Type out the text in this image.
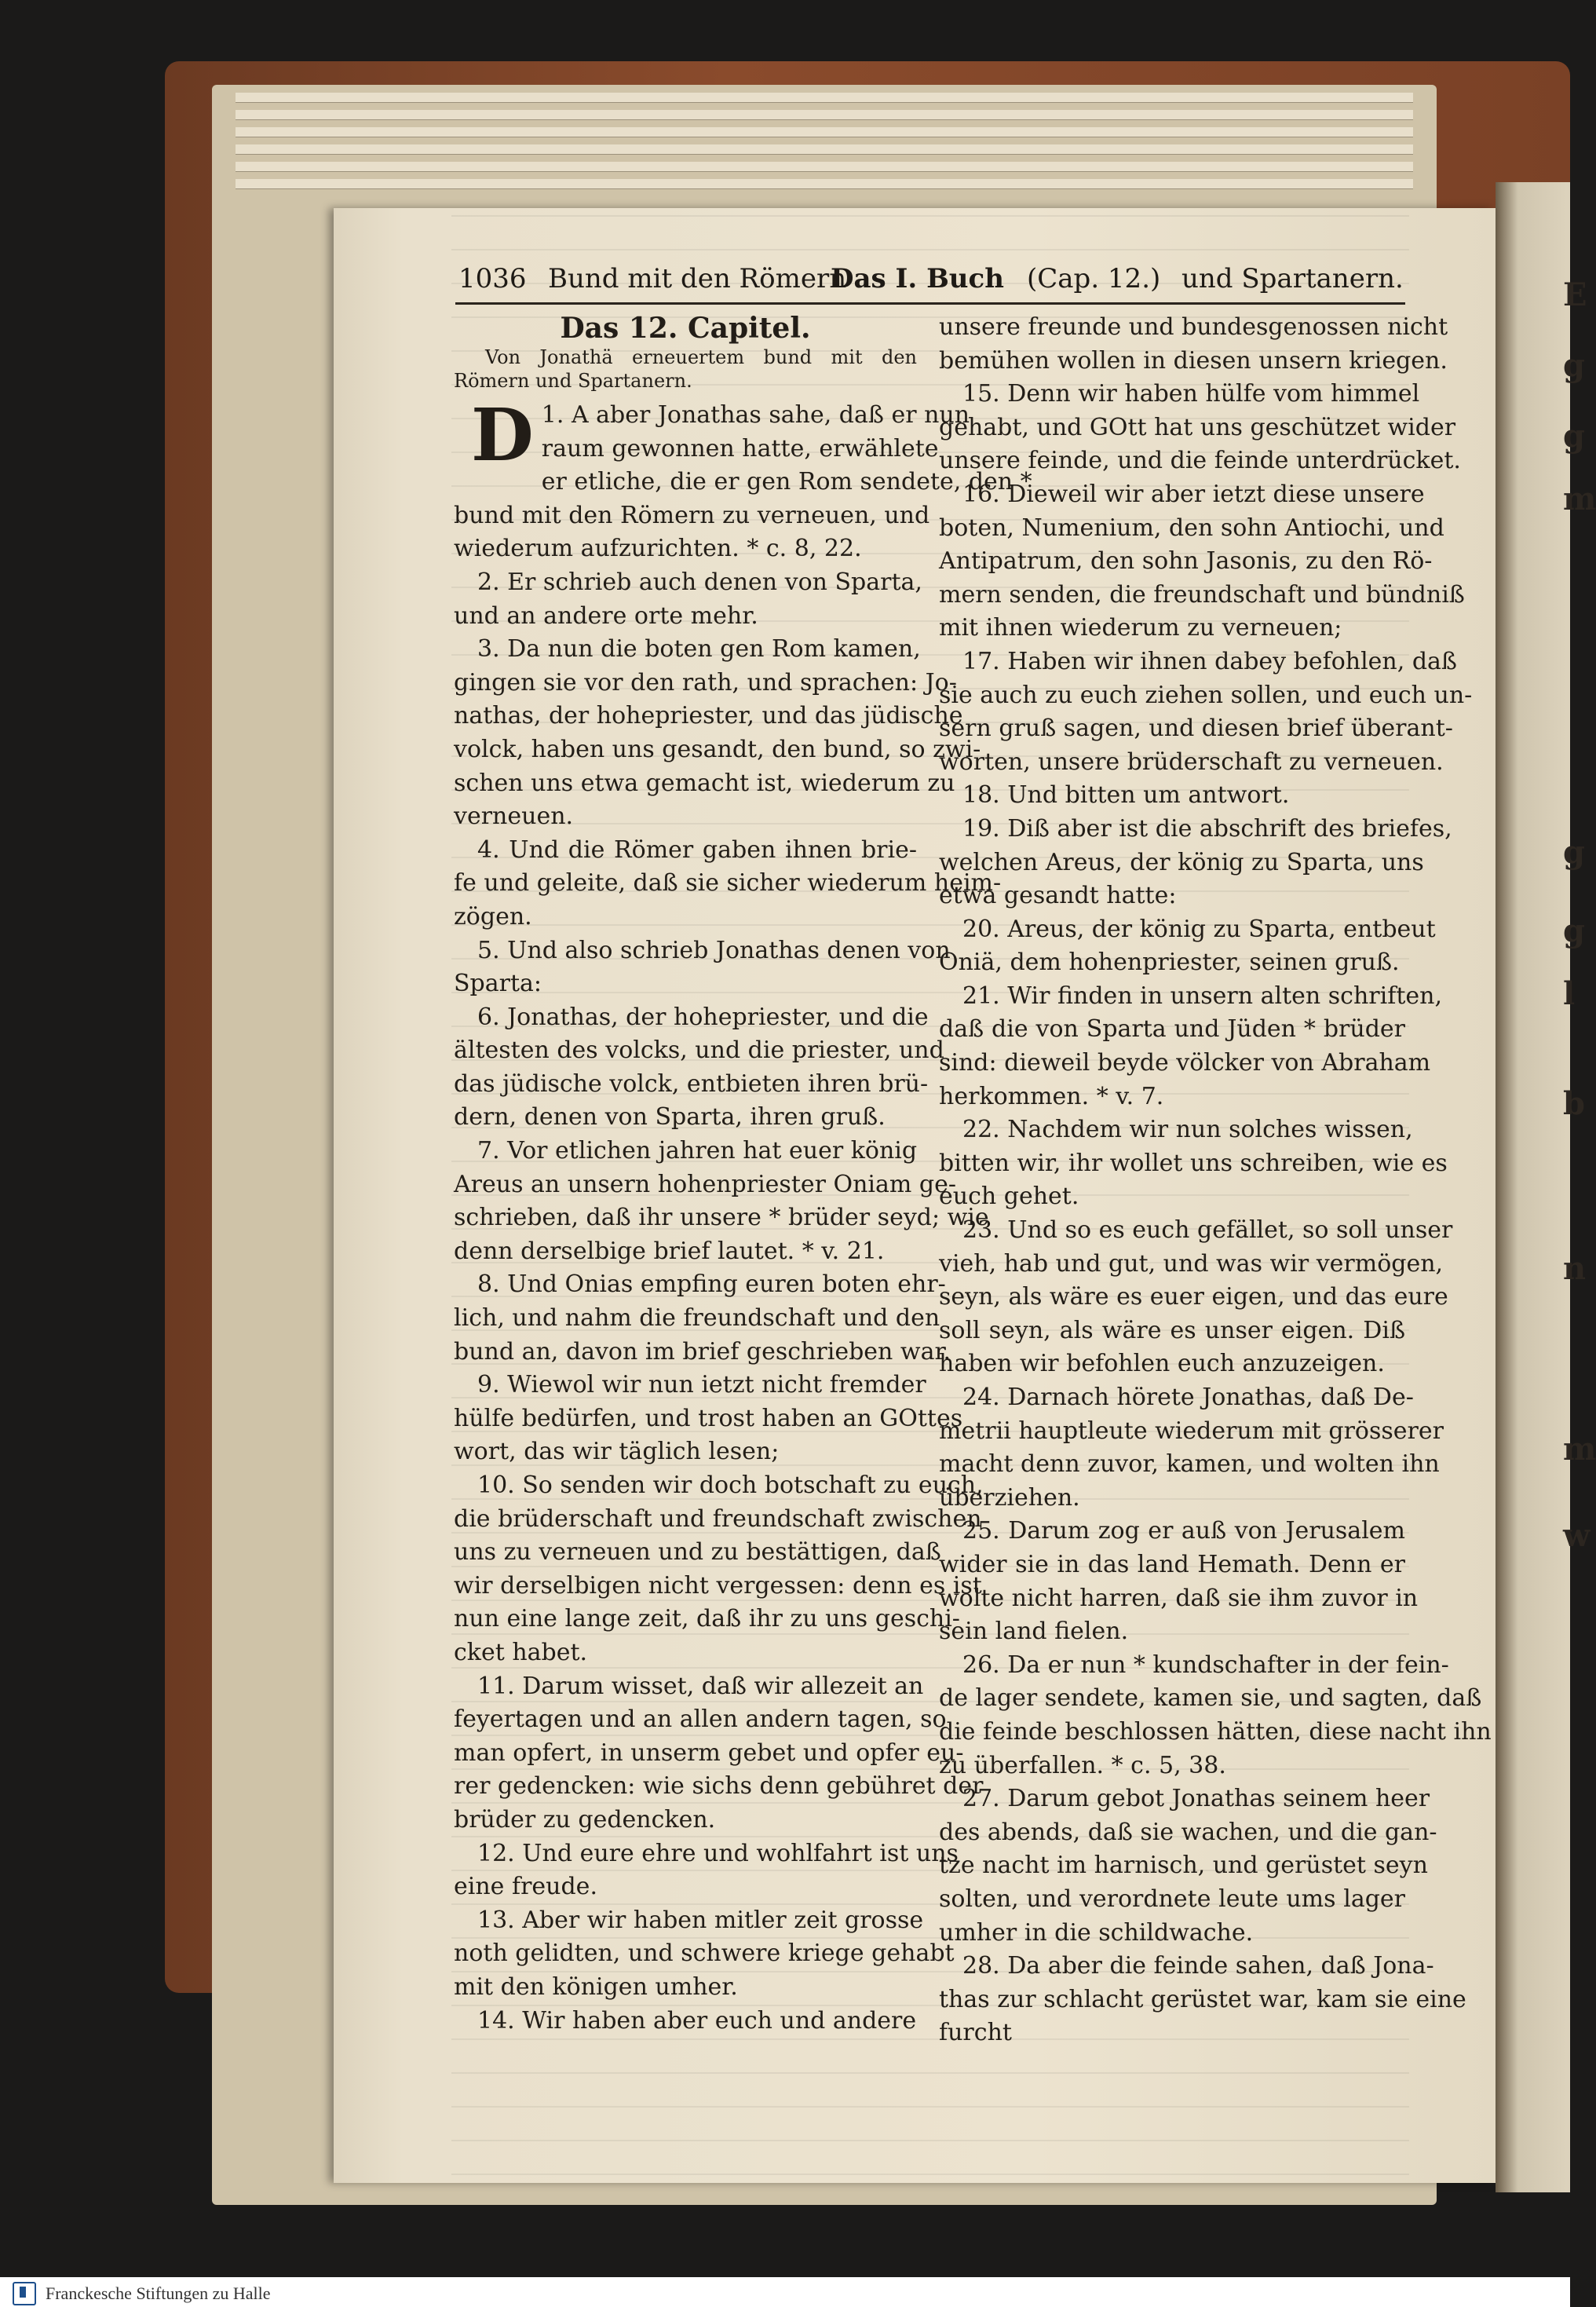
E
g
g
m
g
g
l
b
n
m
w
1036 Bund mit den Römern
Das I. Buch (Cap. 12.) und Spartanern.
Das 12. Capitel.
Von Jonathä erneuertem bund mit den Römern und Spartanern.
D 1. A aber Jonathas sahe, daß er nun
raum gewonnen hatte, erwählete
er etliche, die er gen Rom sendete, den *
bund mit den Römern zu verneuen, und
wiederum aufzurichten. * c. 8, 22.
2. Er schrieb auch denen von Sparta,
und an andere orte mehr.
3. Da nun die boten gen Rom kamen,
gingen sie vor den rath, und sprachen: Jo-
nathas, der hohepriester, und das jüdische
volck, haben uns gesandt, den bund, so zwi-
schen uns etwa gemacht ist, wiederum zu
verneuen.
4. Und die Römer gaben ihnen brie-
fe und geleite, daß sie sicher wiederum heim-
zögen.
5. Und also schrieb Jonathas denen von
Sparta:
6. Jonathas, der hohepriester, und die
ältesten des volcks, und die priester, und
das jüdische volck, entbieten ihren brü-
dern, denen von Sparta, ihren gruß.
7. Vor etlichen jahren hat euer könig
Areus an unsern hohenpriester Oniam ge-
schrieben, daß ihr unsere * brüder seyd; wie
denn derselbige brief lautet. * v. 21.
8. Und Onias empfing euren boten ehr-
lich, und nahm die freundschaft und den
bund an, davon im brief geschrieben war.
9. Wiewol wir nun ietzt nicht fremder
hülfe bedürfen, und trost haben an GOttes
wort, das wir täglich lesen;
10. So senden wir doch botschaft zu euch,
die brüderschaft und freundschaft zwischen
uns zu verneuen und zu bestättigen, daß
wir derselbigen nicht vergessen: denn es ist
nun eine lange zeit, daß ihr zu uns geschi-
cket habet.
11. Darum wisset, daß wir allezeit an
feyertagen und an allen andern tagen, so
man opfert, in unserm gebet und opfer eu-
rer gedencken: wie sichs denn gebühret der
brüder zu gedencken.
12. Und eure ehre und wohlfahrt ist uns
eine freude.
13. Aber wir haben mitler zeit grosse
noth gelidten, und schwere kriege gehabt
mit den königen umher.
14. Wir haben aber euch und andere
unsere freunde und bundesgenossen nicht
bemühen wollen in diesen unsern kriegen.
15. Denn wir haben hülfe vom himmel
gehabt, und GOtt hat uns geschützet wider
unsere feinde, und die feinde unterdrücket.
16. Dieweil wir aber ietzt diese unsere
boten, Numenium, den sohn Antiochi, und
Antipatrum, den sohn Jasonis, zu den Rö-
mern senden, die freundschaft und bündniß
mit ihnen wiederum zu verneuen;
17. Haben wir ihnen dabey befohlen, daß
sie auch zu euch ziehen sollen, und euch un-
sern gruß sagen, und diesen brief überant-
worten, unsere brüderschaft zu verneuen.
18. Und bitten um antwort.
19. Diß aber ist die abschrift des briefes,
welchen Areus, der könig zu Sparta, uns
etwa gesandt hatte:
20. Areus, der könig zu Sparta, entbeut
Oniä, dem hohenpriester, seinen gruß.
21. Wir finden in unsern alten schriften,
daß die von Sparta und Jüden * brüder
sind: dieweil beyde völcker von Abraham
herkommen. * v. 7.
22. Nachdem wir nun solches wissen,
bitten wir, ihr wollet uns schreiben, wie es
euch gehet.
23. Und so es euch gefället, so soll unser
vieh, hab und gut, und was wir vermögen,
seyn, als wäre es euer eigen, und das eure
soll seyn, als wäre es unser eigen. Diß
haben wir befohlen euch anzuzeigen.
24. Darnach hörete Jonathas, daß De-
metrii hauptleute wiederum mit grösserer
macht denn zuvor, kamen, und wolten ihn
überziehen.
25. Darum zog er auß von Jerusalem
wider sie in das land Hemath. Denn er
wolte nicht harren, daß sie ihm zuvor in
sein land fielen.
26. Da er nun * kundschafter in der fein-
de lager sendete, kamen sie, und sagten, daß
die feinde beschlossen hätten, diese nacht ihn
zu überfallen. * c. 5, 38.
27. Darum gebot Jonathas seinem heer
des abends, daß sie wachen, und die gan-
tze nacht im harnisch, und gerüstet seyn
solten, und verordnete leute ums lager
umher in die schildwache.
28. Da aber die feinde sahen, daß Jona-
thas zur schlacht gerüstet war, kam sie eine
furcht
Franckesche Stiftungen zu Halle
